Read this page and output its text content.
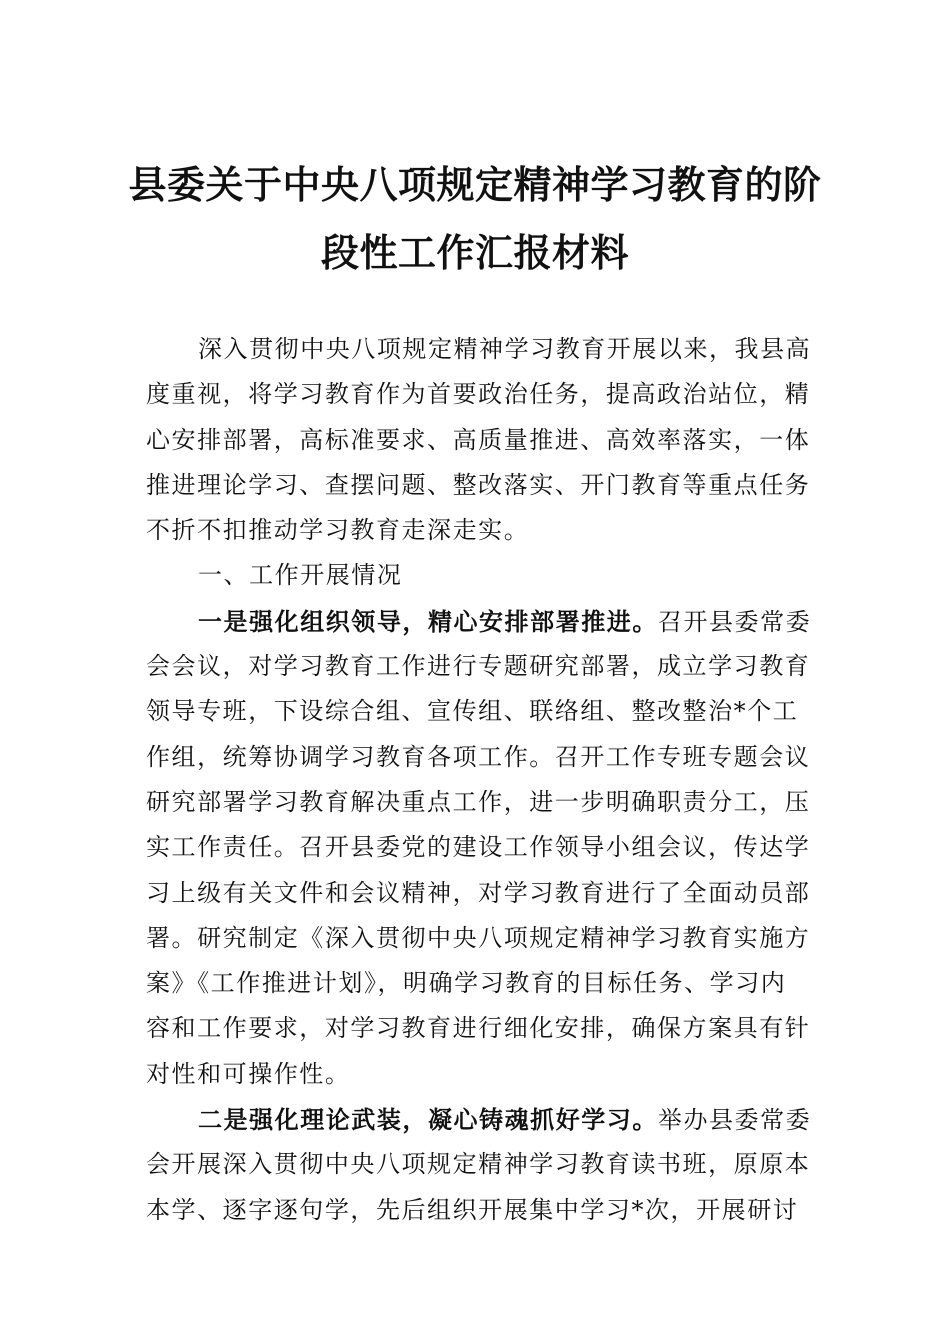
县委关于中央八项规定精神学习教育的阶
段性工作汇报材料
深入贯彻中央八项规定精神学习教育开展以来，我县高
度重视，将学习教育作为首要政治任务，提高政治站位，精
心安排部署，高标准要求、高质量推进、高效率落实，一体
推进理论学习、查摆问题、整改落实、开门教育等重点任务
不折不扣推动学习教育走深走实。
一、工作开展情况
一是强化组织领导，精心安排部署推进。召开县委常委
会会议，对学习教育工作进行专题研究部署，成立学习教育
领导专班，下设综合组、宣传组、联络组、整改整治*个工
作组，统筹协调学习教育各项工作。召开工作专班专题会议
研究部署学习教育解决重点工作，进一步明确职责分工，压
实工作责任。召开县委党的建设工作领导小组会议，传达学
习上级有关文件和会议精神，对学习教育进行了全面动员部
署。研究制定《深入贯彻中央八项规定精神学习教育实施方
案》《工作推进计划》，明确学习教育的目标任务、学习内
容和工作要求，对学习教育进行细化安排，确保方案具有针
对性和可操作性。
二是强化理论武装，凝心铸魂抓好学习。举办县委常委
会开展深入贯彻中央八项规定精神学习教育读书班，原原本
本学、逐字逐句学，先后组织开展集中学习*次，开展研讨
